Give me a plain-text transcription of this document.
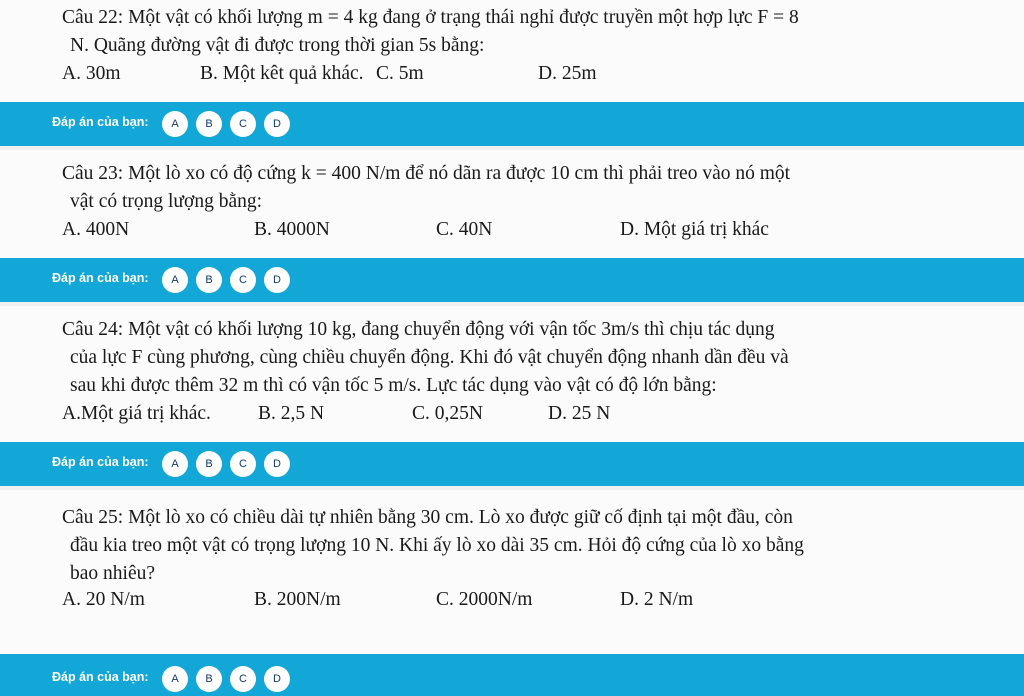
Câu 22: Một vật có khối lượng m = 4 kg đang ở trạng thái nghỉ được truyền một hợp lực F = 8
N. Quãng đường vật đi được trong thời gian 5s bằng:
A. 30m	B. Một kêt quả khác. C. 5m	D. 25m
Đáp án của bạn:	A	B	C	D
Câu 23: Một lò xo có độ cứng k = 400 N/m để nó dãn ra được 10 cm thì phải treo vào nó một
vật có trọng lượng bằng:
A. 400N	B. 4000N	C. 40N	D. Một giá trị khác
Đáp án của bạn:	A	B	C	D
Câu 24: Một vật có khối lượng 10 kg, đang chuyển động với vận tốc 3m/s thì chịu tác dụng
của lực F cùng phương, cùng chiều chuyển động. Khi đó vật chuyển động nhanh dần đều và
sau khi được thêm 32 m thì có vận tốc 5 m/s. Lực tác dụng vào vật có độ lớn bằng:
A.Một giá trị khác. B. 2,5 N	C. 0,25N	D. 25 N
Đáp án của bạn:	A	B	C	D
Câu 25: Một lò xo có chiều dài tự nhiên bằng 30 cm. Lò xo được giữ cố định tại một đầu, còn
đầu kia treo một vật có trọng lượng 10 N. Khi ấy lò xo dài 35 cm. Hỏi độ cứng của lò xo bằng
bao nhiêu?
A. 20 N/m	B. 200N/m	C. 2000N/m	D. 2 N/m
Đáp án của bạn:	A	B	C	D
